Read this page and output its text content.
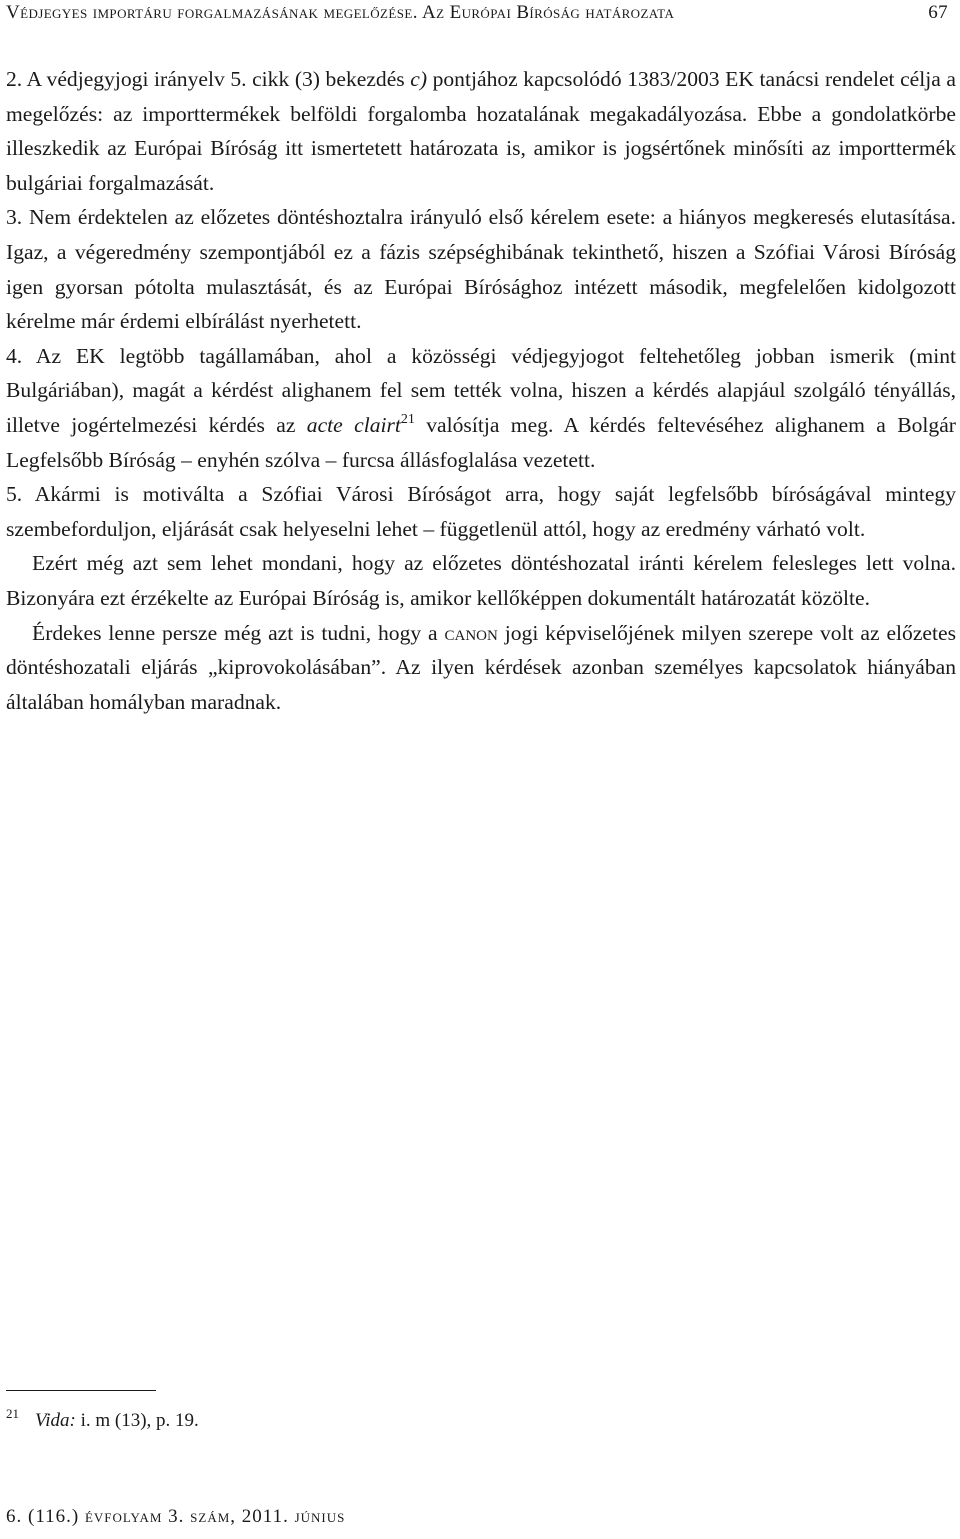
Védjegyes importáru forgalmazásának megelőzése. Az Európai Bíróság határozata	67

2. A védjegyjogi irányelv 5. cikk (3) bekezdés c) pontjához kapcsolódó 1383/2003 EK tanácsi rendelet célja a megelőzés: az importtermékek belföldi forgalomba hozatalának megakadályozása. Ebbe a gondolatkörbe illeszkedik az Európai Bíróság itt ismertetett határozata is, amikor is jogsértőnek minősíti az importtermék bulgáriai forgalmazását.

3. Nem érdektelen az előzetes döntéshoztalra irányuló első kérelem esete: a hiányos megkeresés elutasítása. Igaz, a végeredmény szempontjából ez a fázis szépséghibának tekinthető, hiszen a Szófiai Városi Bíróság igen gyorsan pótolta mulasztását, és az Európai Bírósághoz intézett második, megfelelően kidolgozott kérelme már érdemi elbírálást nyerhetett.

4. Az EK legtöbb tagállamában, ahol a közösségi védjegyjogot feltehetőleg jobban ismerik (mint Bulgáriában), magát a kérdést alighanem fel sem tették volna, hiszen a kérdés alapjául szolgáló tényállás, illetve jogértelmezési kérdés az acte clairt$^{21}$ valósítja meg. A kérdés feltevéséhez alighanem a Bolgár Legfelsőbb Bíróság – enyhén szólva – furcsa állásfoglalása vezetett.

5. Akármi is motiválta a Szófiai Városi Bíróságot arra, hogy saját legfelsőbb bíróságával mintegy szembeforduljon, eljárását csak helyeselni lehet – függetlenül attól, hogy az eredmény várható volt.

Ezért még azt sem lehet mondani, hogy az előzetes döntéshozatal iránti kérelem felesleges lett volna. Bizonyára ezt érzékelte az Európai Bíróság is, amikor kellőképpen dokumentált határozatát közölte.

Érdekes lenne persze még azt is tudni, hogy a canon jogi képviselőjének milyen szerepe volt az előzetes döntéshozatali eljárás „kiprovokolásában”. Az ilyen kérdések azonban személyes kapcsolatok hiányában általában homályban maradnak.

$^{21}$ Vida: i. m (13), p. 19.
6. (116.) évfolyam 3. szám, 2011. június
